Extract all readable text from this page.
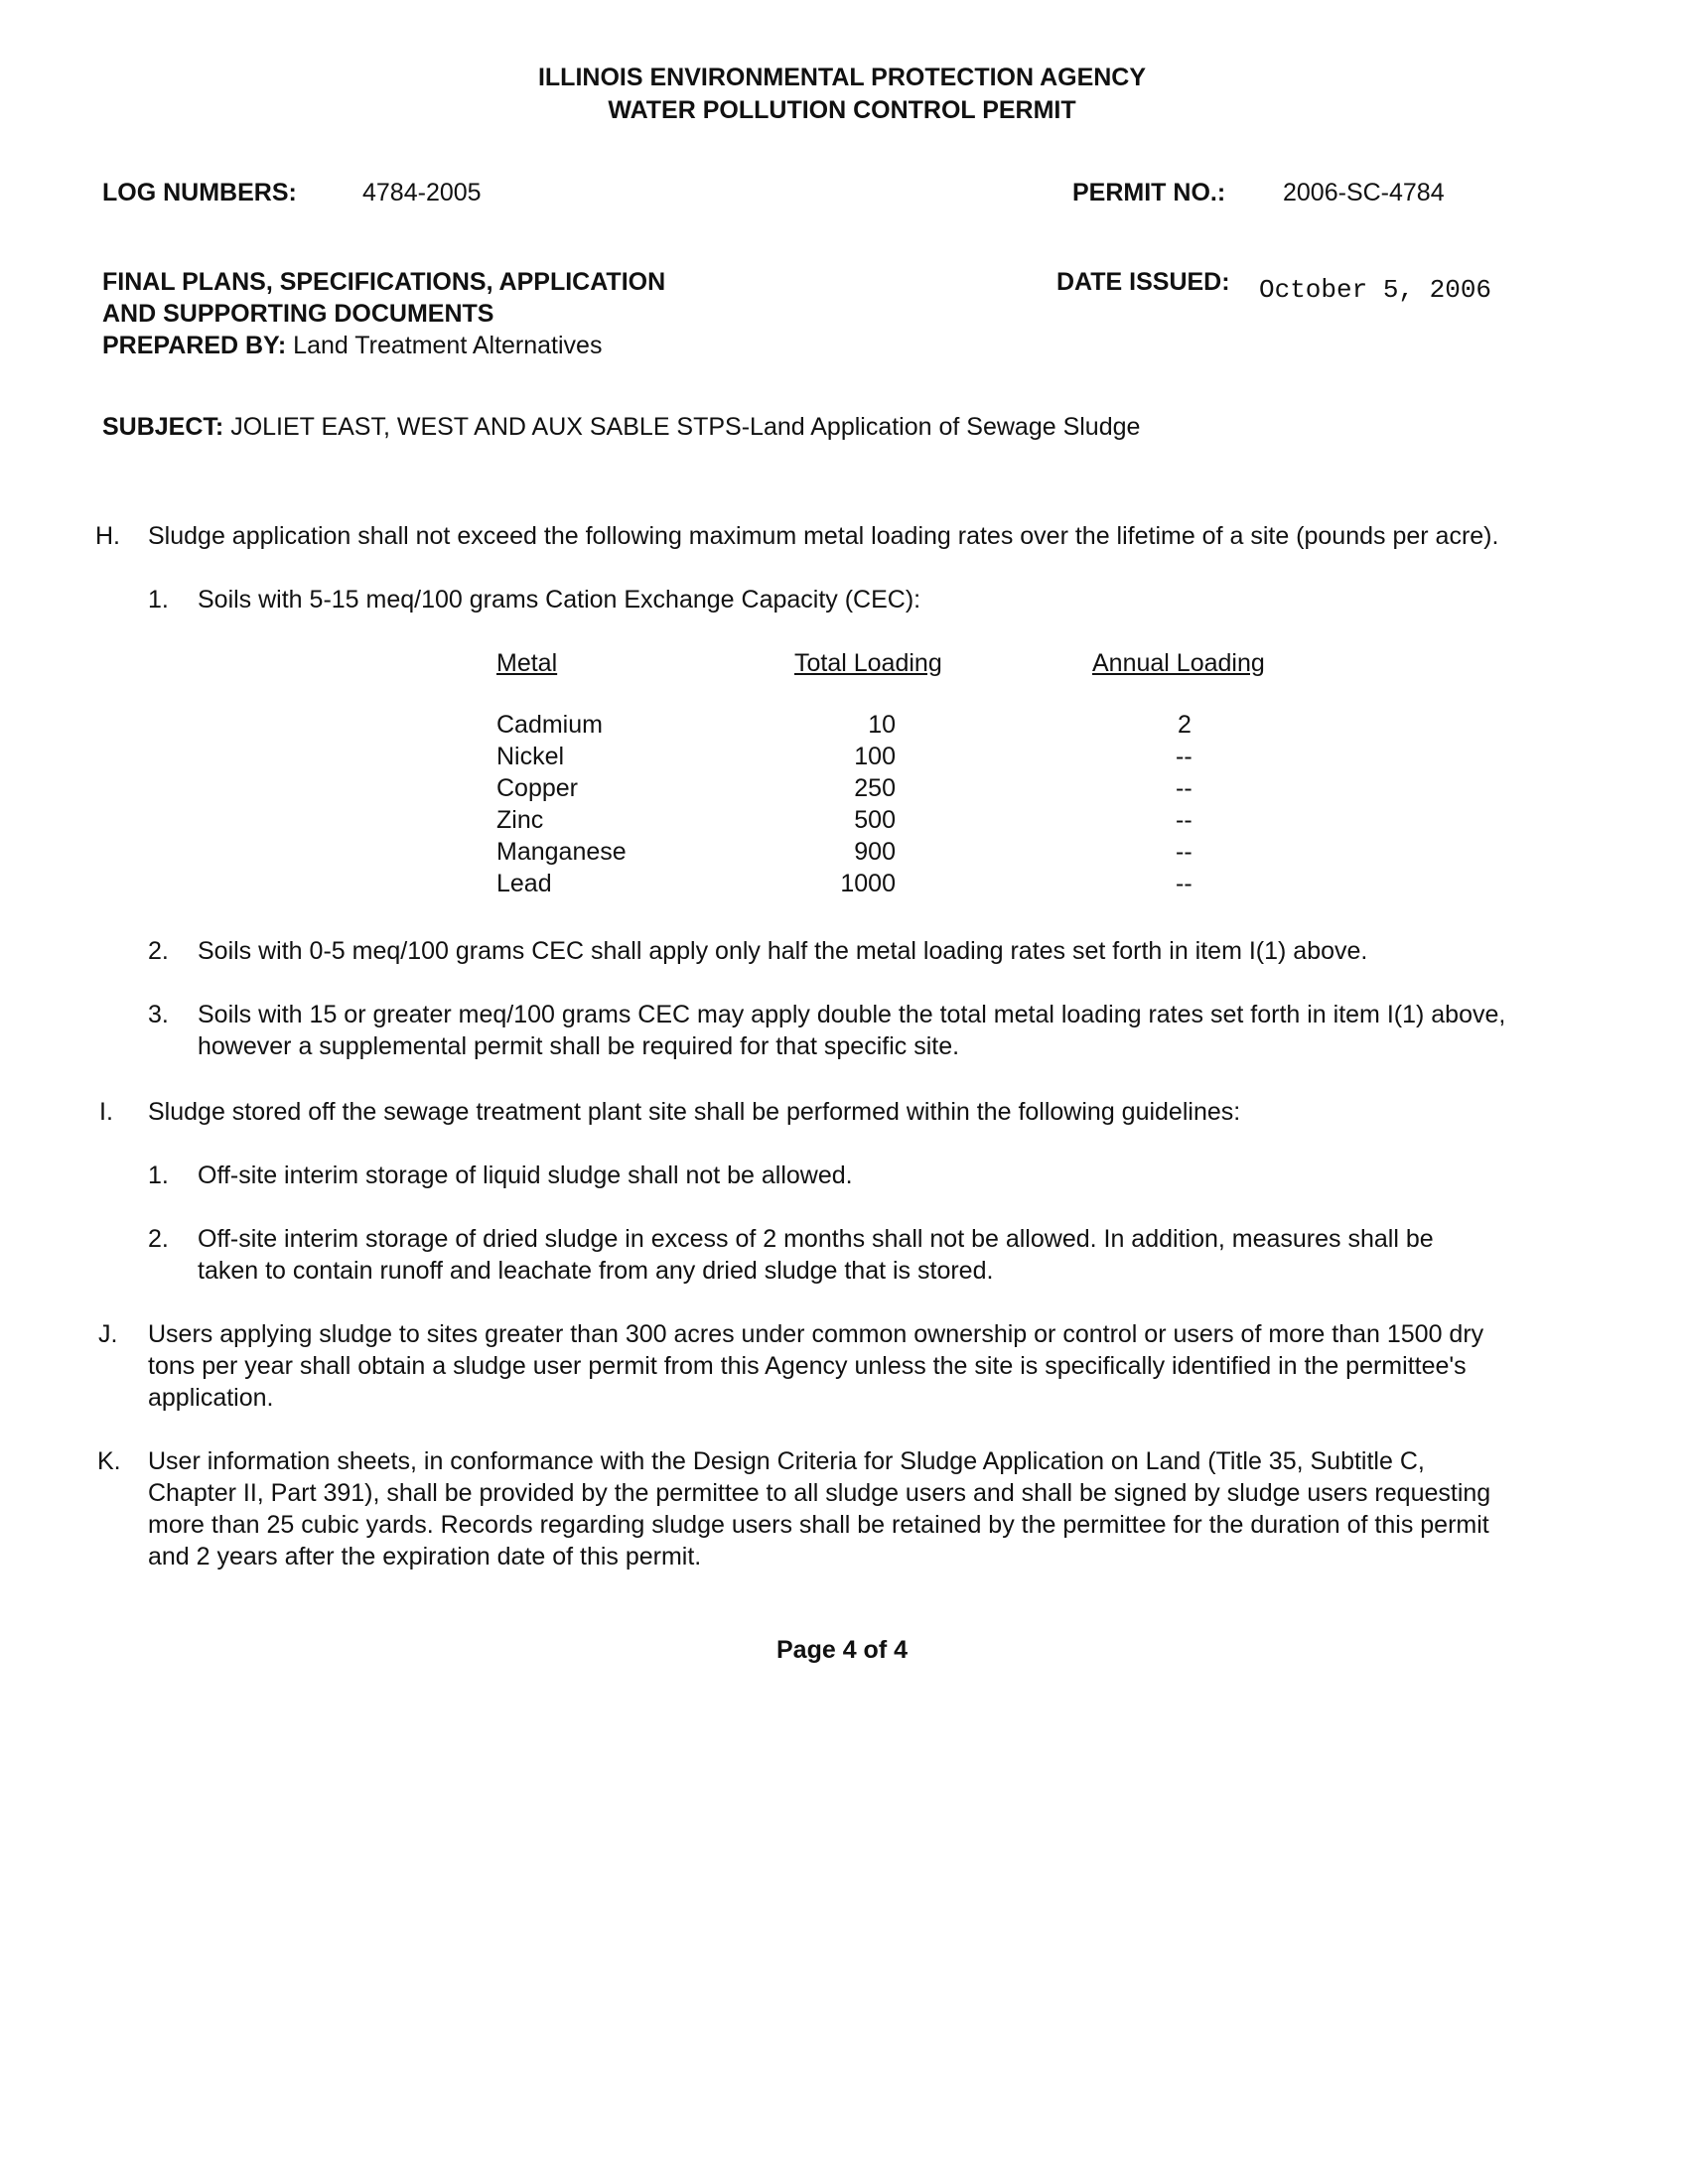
ILLINOIS ENVIRONMENTAL PROTECTION AGENCY
WATER POLLUTION CONTROL PERMIT
LOG NUMBERS:	4784-2005	PERMIT NO.: 2006-SC-4784
FINAL PLANS, SPECIFICATIONS, APPLICATION
AND SUPPORTING DOCUMENTS
PREPARED BY: Land Treatment Alternatives
DATE ISSUED: October 5, 2006
SUBJECT: JOLIET EAST, WEST AND AUX SABLE STPS-Land Application of Sewage Sludge
H. Sludge application shall not exceed the following maximum metal loading rates over the lifetime of a site (pounds per acre).
1. Soils with 5-15 meq/100 grams Cation Exchange Capacity (CEC):
Metal	Total Loading	Annual Loading
Cadmium	10	2
Nickel	100	--
Copper	250	--
Zinc	500	--
Manganese	900	--
Lead	1000	--
2. Soils with 0-5 meq/100 grams CEC shall apply only half the metal loading rates set forth in item I(1) above.
3. Soils with 15 or greater meq/100 grams CEC may apply double the total metal loading rates set forth in item I(1) above,
however a supplemental permit shall be required for that specific site.
I. Sludge stored off the sewage treatment plant site shall be performed within the following guidelines:
1. Off-site interim storage of liquid sludge shall not be allowed.
2. Off-site interim storage of dried sludge in excess of 2 months shall not be allowed. In addition, measures shall be
taken to contain runoff and leachate from any dried sludge that is stored.
J. Users applying sludge to sites greater than 300 acres under common ownership or control or users of more than 1500 dry
tons per year shall obtain a sludge user permit from this Agency unless the site is specifically identified in the permittee's
application.
K. User information sheets, in conformance with the Design Criteria for Sludge Application on Land (Title 35, Subtitle C,
Chapter II, Part 391), shall be provided by the permittee to all sludge users and shall be signed by sludge users requesting
more than 25 cubic yards. Records regarding sludge users shall be retained by the permittee for the duration of this permit
and 2 years after the expiration date of this permit.
Page 4 of 4
